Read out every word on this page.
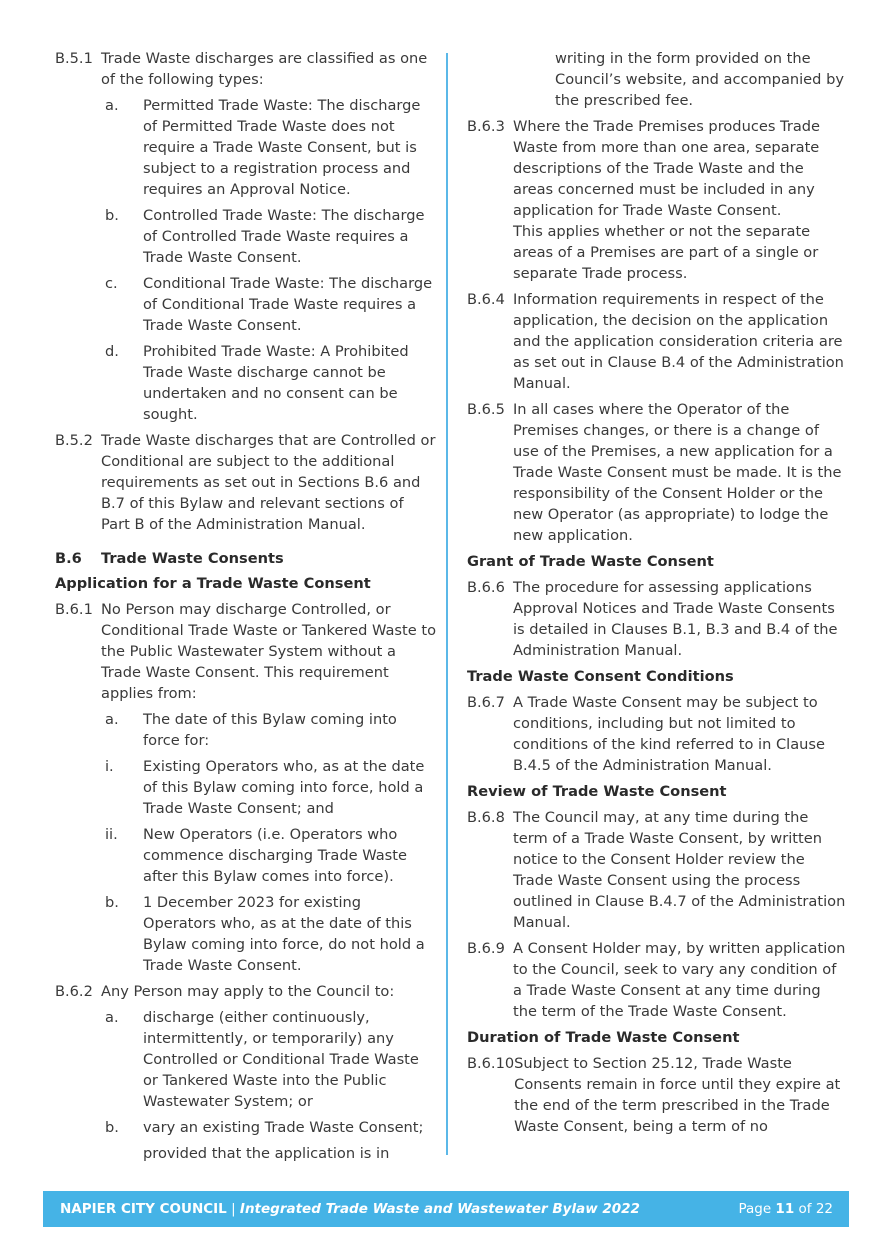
B.5.1 Trade Waste discharges are classified as one of the following types:
a.	Permitted Trade Waste: The discharge of Permitted Trade Waste does not require a Trade Waste Consent, but is subject to a registration process and requires an Approval Notice.
b.	Controlled Trade Waste: The discharge of Controlled Trade Waste requires a Trade Waste Consent.
c.	Conditional Trade Waste: The discharge of Conditional Trade Waste requires a Trade Waste Consent.
d.	Prohibited Trade Waste: A Prohibited Trade Waste discharge cannot be undertaken and no consent can be sought.
B.5.2 Trade Waste discharges that are Controlled or Conditional are subject to the additional requirements as set out in Sections B.6 and B.7 of this Bylaw and relevant sections of Part B of the Administration Manual.
B.6	Trade Waste Consents
Application for a Trade Waste Consent
B.6.1 No Person may discharge Controlled, or Conditional Trade Waste or Tankered Waste to the Public Wastewater System without a Trade Waste Consent. This requirement applies from:
a.	The date of this Bylaw coming into force for:
i.	Existing Operators who, as at the date of this Bylaw coming into force, hold a Trade Waste Consent; and
ii.	New Operators (i.e. Operators who commence discharging Trade Waste after this Bylaw comes into force).
b.	1 December 2023 for existing Operators who, as at the date of this Bylaw coming into force, do not hold a Trade Waste Consent.
B.6.2 Any Person may apply to the Council to:
a.	discharge (either continuously, intermittently, or temporarily) any Controlled or Conditional Trade Waste or Tankered Waste into the Public Wastewater System; or
b.	vary an existing Trade Waste Consent;
provided that the application is in
writing in the form provided on the Council’s website, and accompanied by the prescribed fee.
B.6.3 Where the Trade Premises produces Trade Waste from more than one area, separate descriptions of the Trade Waste and the areas concerned must be included in any application for Trade Waste Consent.
This applies whether or not the separate areas of a Premises are part of a single or separate Trade process.
B.6.4 Information requirements in respect of the application, the decision on the application and the application consideration criteria are as set out in Clause B.4 of the Administration Manual.
B.6.5 In all cases where the Operator of the Premises changes, or there is a change of use of the Premises, a new application for a Trade Waste Consent must be made. It is the responsibility of the Consent Holder or the new Operator (as appropriate) to lodge the new application.
Grant of Trade Waste Consent
B.6.6 The procedure for assessing applications Approval Notices and Trade Waste Consents is detailed in Clauses B.1, B.3 and B.4 of the Administration Manual.
Trade Waste Consent Conditions
B.6.7 A Trade Waste Consent may be subject to conditions, including but not limited to conditions of the kind referred to in Clause B.4.5 of the Administration Manual.
Review of Trade Waste Consent
B.6.8 The Council may, at any time during the term of a Trade Waste Consent, by written notice to the Consent Holder review the Trade Waste Consent using the process outlined in Clause B.4.7 of the Administration Manual.
B.6.9 A Consent Holder may, by written application to the Council, seek to vary any condition of a Trade Waste Consent at any time during the term of the Trade Waste Consent.
Duration of Trade Waste Consent
B.6.10 Subject to Section 25.12, Trade Waste Consents remain in force until they expire at the end of the term prescribed in the Trade Waste Consent, being a term of no
NAPIER CITY COUNCIL | Integrated Trade Waste and Wastewater Bylaw 2022	Page 11 of 22
